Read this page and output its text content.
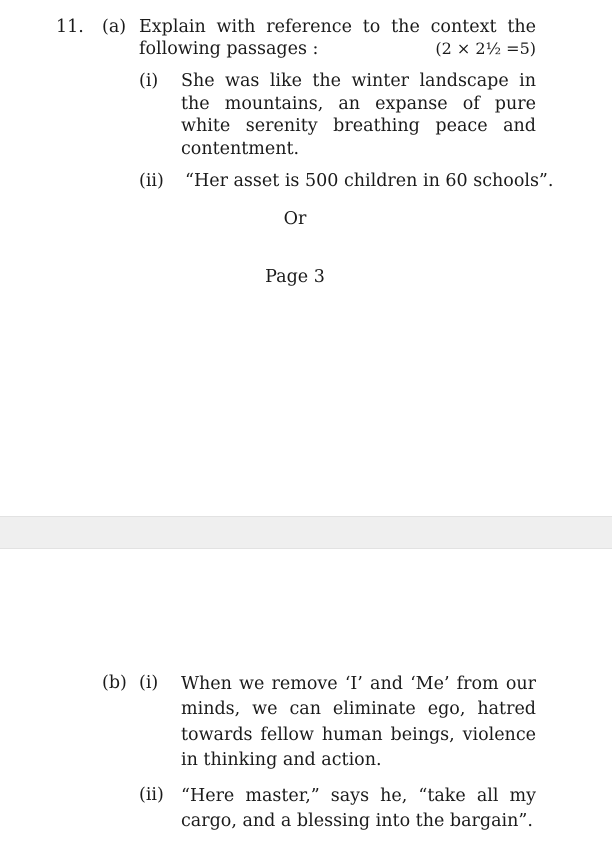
11. (a) Explain with reference to the context the
following passages :	(2 × 2½ =5)
(i) She was like the winter landscape in the mountains, an expanse of pure white serenity breathing peace and contentment.
(ii) “Her asset is 500 children in 60 schools”.
Or
Page 3
(b) (i) When we remove ‘I’ and ‘Me’ from our minds, we can eliminate ego, hatred towards fellow human beings, violence in thinking and action.
(ii) “Here master,” says he, “take all my cargo, and a blessing into the bargain”.
